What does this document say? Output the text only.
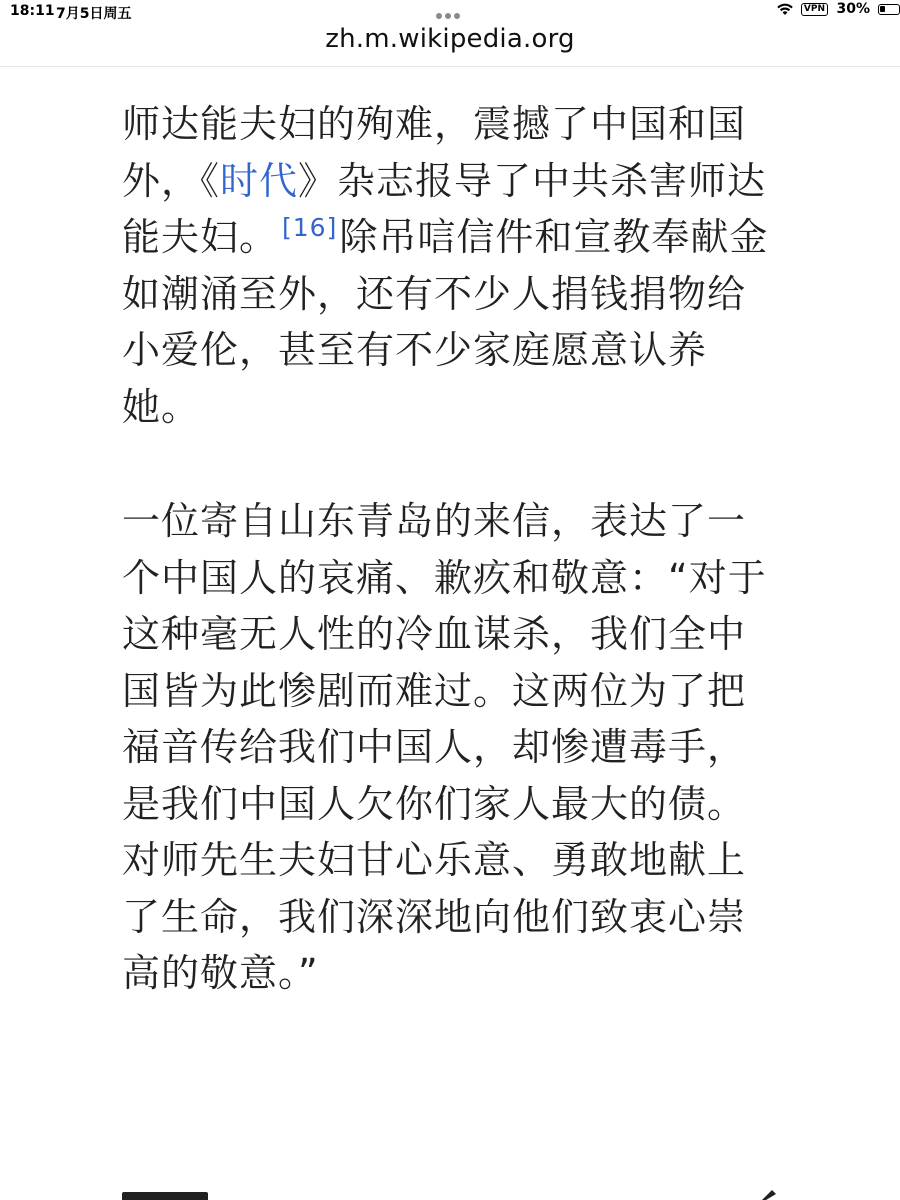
18:11 7月5日周五	VPN 30%
zh.m.wikipedia.org

师达能夫妇的殉难，震撼了中国和国外，《时代》杂志报导了中共杀害师达能夫妇。 [16]除吊唁信件和宣教奉献金如潮涌至外，还有不少人捐钱捐物给小爱伦，甚至有不少家庭愿意认养她。

一位寄自山东青岛的来信，表达了一个中国人的哀痛、歉疚和敬意：“对于这种毫无人性的冷血谋杀，我们全中国皆为此惨剧而难过。这两位为了把福音传给我们中国人，却惨遭毒手，是我们中国人欠你们家人最大的债。对师先生夫妇甘心乐意、勇敢地献上了生命，我们深深地向他们致衷心崇高的敬意。”
